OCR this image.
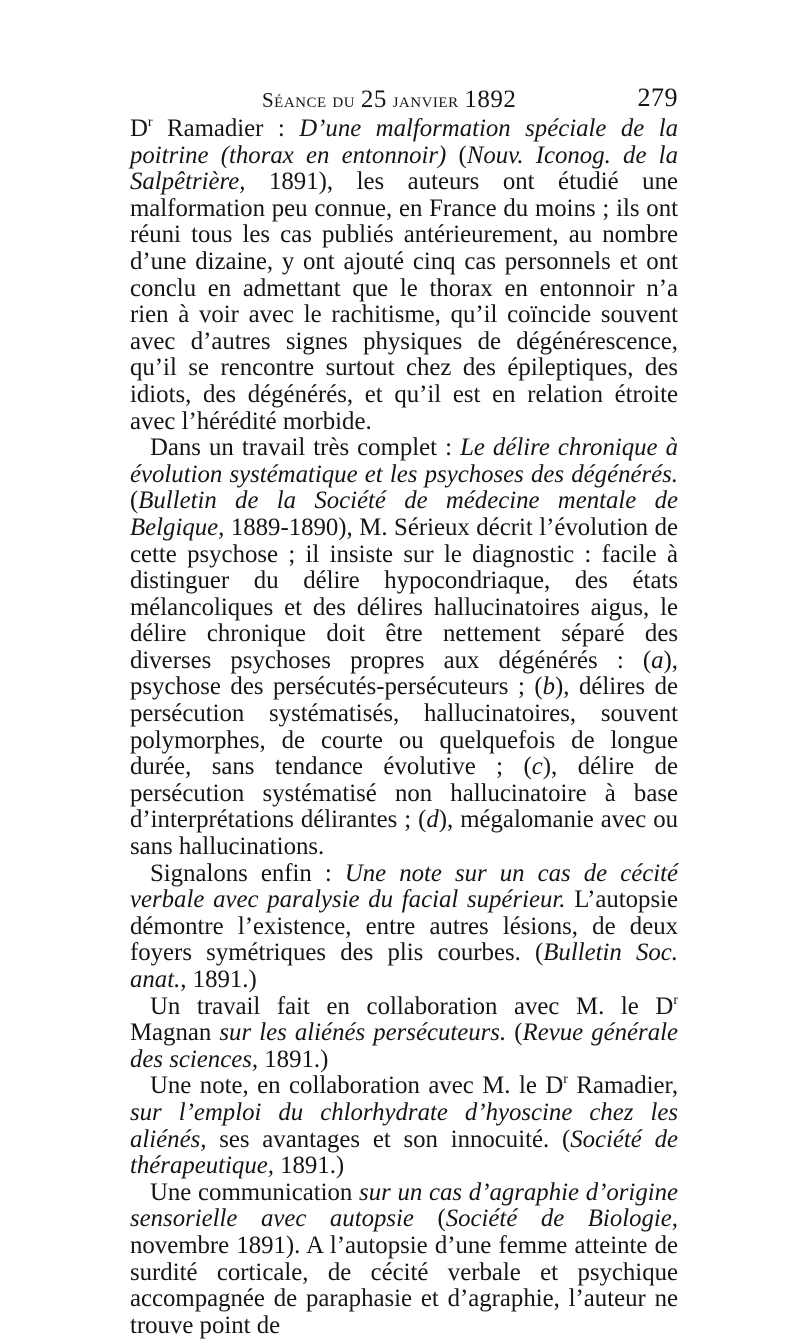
Séance du 25 janvier 1892	279

$D^r$ Ramadier : D’une malformation spéciale de la poitrine (thorax en entonnoir) (Nouv. Iconog. de la Salpêtrière, 1891), les auteurs ont étudié une malformation peu connue, en France du moins ; ils ont réuni tous les cas publiés antérieurement, au nombre d’une dizaine, y ont ajouté cinq cas personnels et ont conclu en admettant que le thorax en entonnoir n’a rien à voir avec le rachitisme, qu’il coïncide souvent avec d’autres signes physiques de dégénérescence, qu’il se rencontre surtout chez des épileptiques, des idiots, des dégénérés, et qu’il est en relation étroite avec l’hérédité morbide.

Dans un travail très complet : Le délire chronique à évolution systématique et les psychoses des dégénérés. (Bulletin de la Société de médecine mentale de Belgique, 1889-1890), M. Sérieux décrit l’évolution de cette psychose ; il insiste sur le diagnostic : facile à distinguer du délire hypocondriaque, des états mélancoliques et des délires hallucinatoires aigus, le délire chronique doit être nettement séparé des diverses psychoses propres aux dégénérés : (a), psychose des persécutés-persécuteurs ; (b), délires de persécution systématisés, hallucinatoires, souvent polymorphes, de courte ou quelquefois de longue durée, sans tendance évolutive ; (c), délire de persécution systématisé non hallucinatoire à base d’interprétations délirantes ; (d), mégalomanie avec ou sans hallucinations.

Signalons enfin : Une note sur un cas de cécité verbale avec paralysie du facial supérieur. L’autopsie démontre l’existence, entre autres lésions, de deux foyers symétriques des plis courbes. (Bulletin Soc. anat., 1891.)

Un travail fait en collaboration avec M. le $D^r$ Magnan sur les aliénés persécuteurs. (Revue générale des sciences, 1891.)

Une note, en collaboration avec M. le $D^r$ Ramadier, sur l’emploi du chlorhydrate d’hyoscine chez les aliénés, ses avantages et son innocuité. (Société de thérapeutique, 1891.)

Une communication sur un cas d’agraphie d’origine sensorielle avec autopsie (Société de Biologie, novembre 1891). A l’autopsie d’une femme atteinte de surdité corticale, de cécité verbale et psychique accompagnée de paraphasie et d’agraphie, l’auteur ne trouve point de
